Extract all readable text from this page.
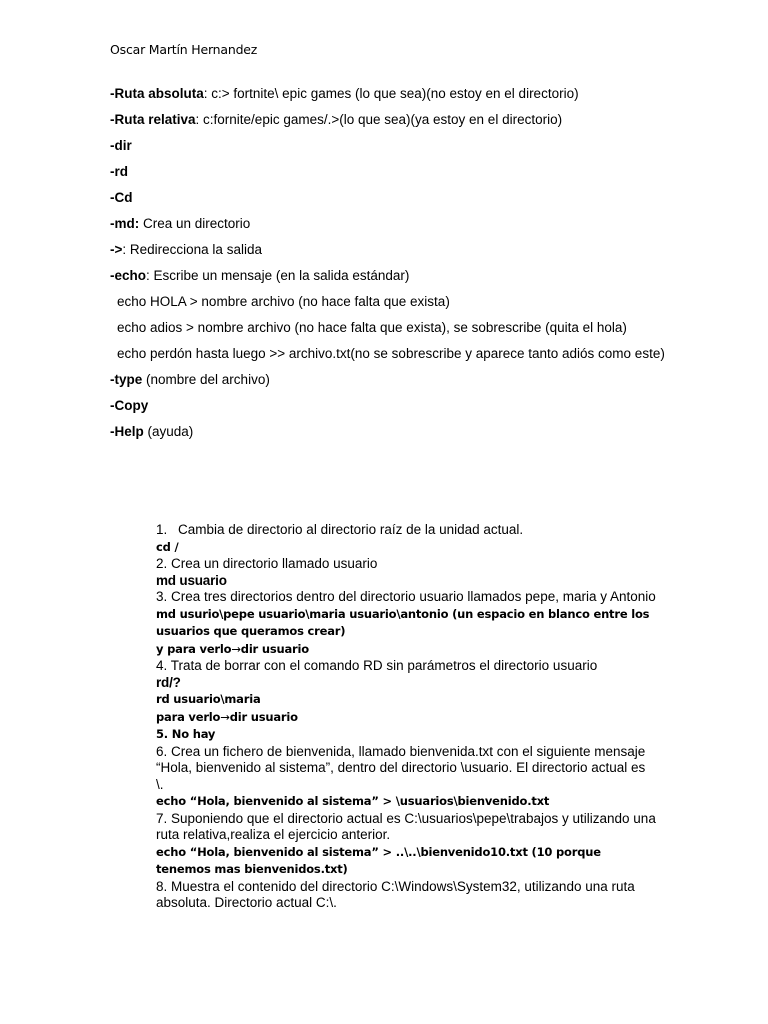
Oscar Martín Hernandez
-Ruta absoluta: c:> fortnite\ epic games (lo que sea)(no estoy en el directorio)
-Ruta relativa: c:fornite/epic games/.>(lo que sea)(ya estoy en el directorio)
-dir
-rd
-Cd
-md: Crea un directorio
->: Redirecciona la salida
-echo: Escribe un mensaje (en la salida estándar)
echo HOLA > nombre archivo (no hace falta que exista)
echo adios > nombre archivo (no hace falta que exista), se sobrescribe (quita el hola)
echo perdón hasta luego >> archivo.txt(no se sobrescribe y aparece tanto adiós como este)
-type (nombre del archivo)
-Copy
-Help (ayuda)
1. Cambia de directorio al directorio raíz de la unidad actual.
cd /
2. Crea un directorio llamado usuario
md usuario
3. Crea tres directorios dentro del directorio usuario llamados pepe, maria y Antonio
md usurio\pepe usuario\maria usuario\antonio (un espacio en blanco entre los usuarios que queramos crear)
y para verlo→dir usuario
4. Trata de borrar con el comando RD sin parámetros el directorio usuario
rd/?
rd usuario\maria
para verlo→dir usuario
5. No hay
6. Crea un fichero de bienvenida, llamado bienvenida.txt con el siguiente mensaje “Hola, bienvenido al sistema”, dentro del directorio \usuario. El directorio actual es \.
echo “Hola, bienvenido al sistema” > \usuarios\bienvenido.txt
7. Suponiendo que el directorio actual es C:\usuarios\pepe\trabajos y utilizando una ruta relativa,realiza el ejercicio anterior.
echo “Hola, bienvenido al sistema” > ..\..\bienvenido10.txt (10 porque tenemos mas bienvenidos.txt)
8. Muestra el contenido del directorio C:\Windows\System32, utilizando una ruta absoluta. Directorio actual C:\.
